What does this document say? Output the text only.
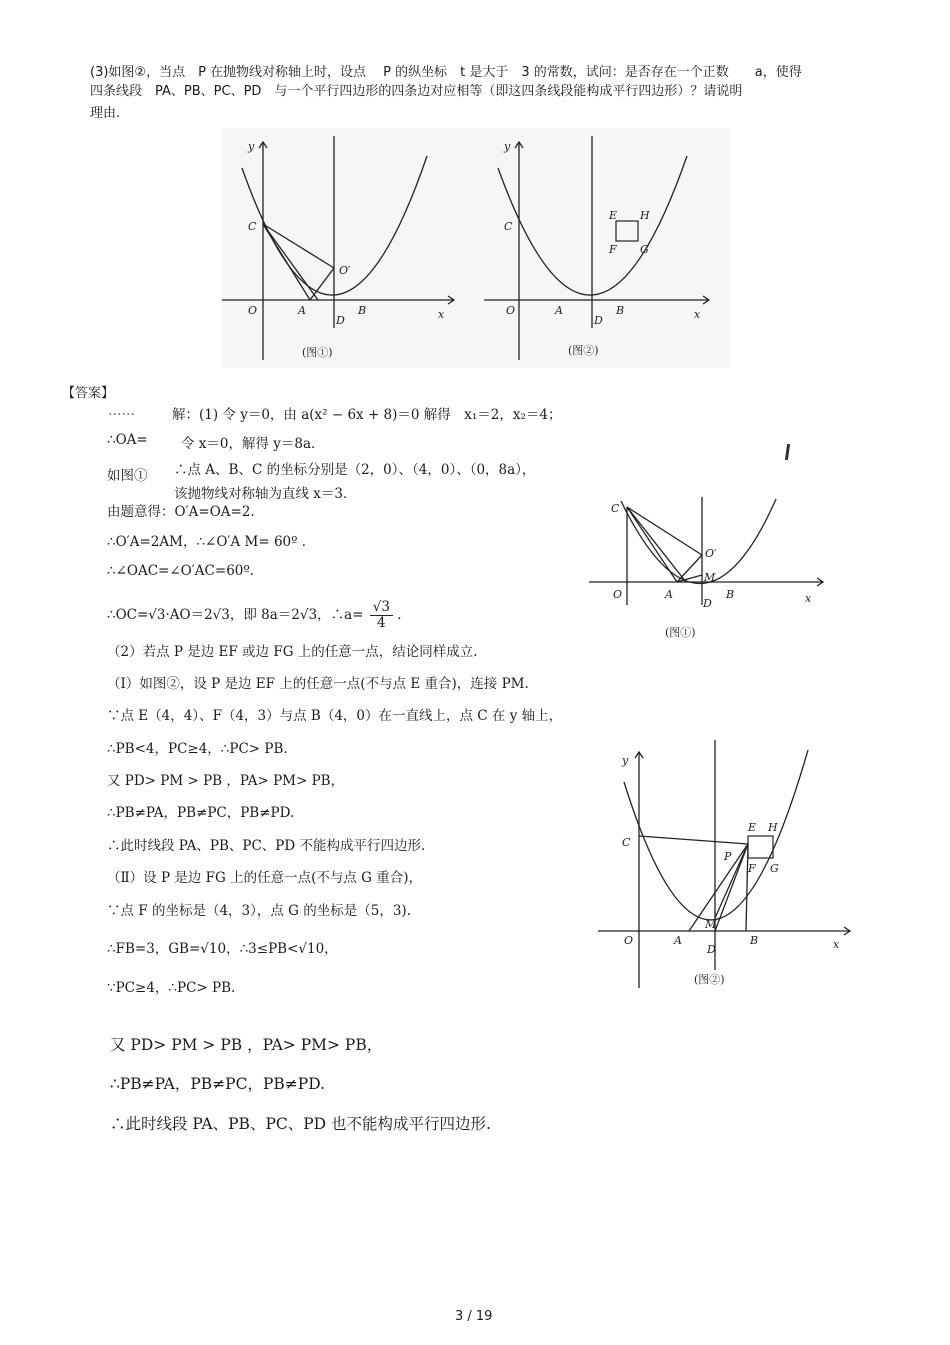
(3)如图②，当点　P 在抛物线对称轴上时，设点　 P 的纵坐标　t 是大于　3 的常数，试问：是否存在一个正数　　a，使得
四条线段　PA、PB、PC、PD　与一个平行四边形的四条边对应相等（即这四条线段能构成平行四边形）？请说明
理由.
y
x
C
O	A
D
B
O′
(图①)
y
x
C
O	A
D
B
E H
F G
(图②)
【答案】
……	解：(1) 令 y＝0，由 a(x² − 6x + 8)＝0 解得　x₁＝2，x₂＝4；
∴OA= 令 x＝0，解得 y＝8a．
如图① ∴点 A、B、C 的坐标分别是（2，0）、（4，0）、（0，8a），
该抛物线对称轴为直线 x＝3．
由题意得：O′A=OA=2.
∴O′A=2AM，∴∠O′A M= 60º ．
∴∠OAC=∠O′AC=60º.
∴OC=√3·AO＝2√3，即 8a＝2√3，∴a= $\frac{√3}{4}$ .
（2）若点 P 是边 EF 或边 FG 上的任意一点，结论同样成立.
（Ⅰ）如图②，设 P 是边 EF 上的任意一点(不与点 E 重合)，连接 PM.
∵点 E（4，4）、F（4，3）与点 B（4，0）在一直线上，点 C 在 y 轴上，
∴PB<4，PC≥4，∴PC> PB.
又 PD> PM > PB ，PA> PM> PB，
∴PB≠PA，PB≠PC，PB≠PD.
∴此时线段 PA、PB、PC、PD 不能构成平行四边形.
（Ⅱ）设 P 是边 FG 上的任意一点(不与点 G 重合)，
∵点 F 的坐标是（4，3），点 G 的坐标是（5，3).
∴FB=3，GB=√10，∴3≤PB<√10，
∵PC≥4，∴PC> PB.
又 PD> PM > PB ，PA> PM> PB，
∴PB≠PA，PB≠PC，PB≠PD.
∴此时线段 PA、PB、PC、PD 也不能构成平行四边形.
C
O	A
D
B	x
M
O′
(图①)
y
x
C
O	A
D
B
M
P
E H
F G
(图②)
3 / 19
